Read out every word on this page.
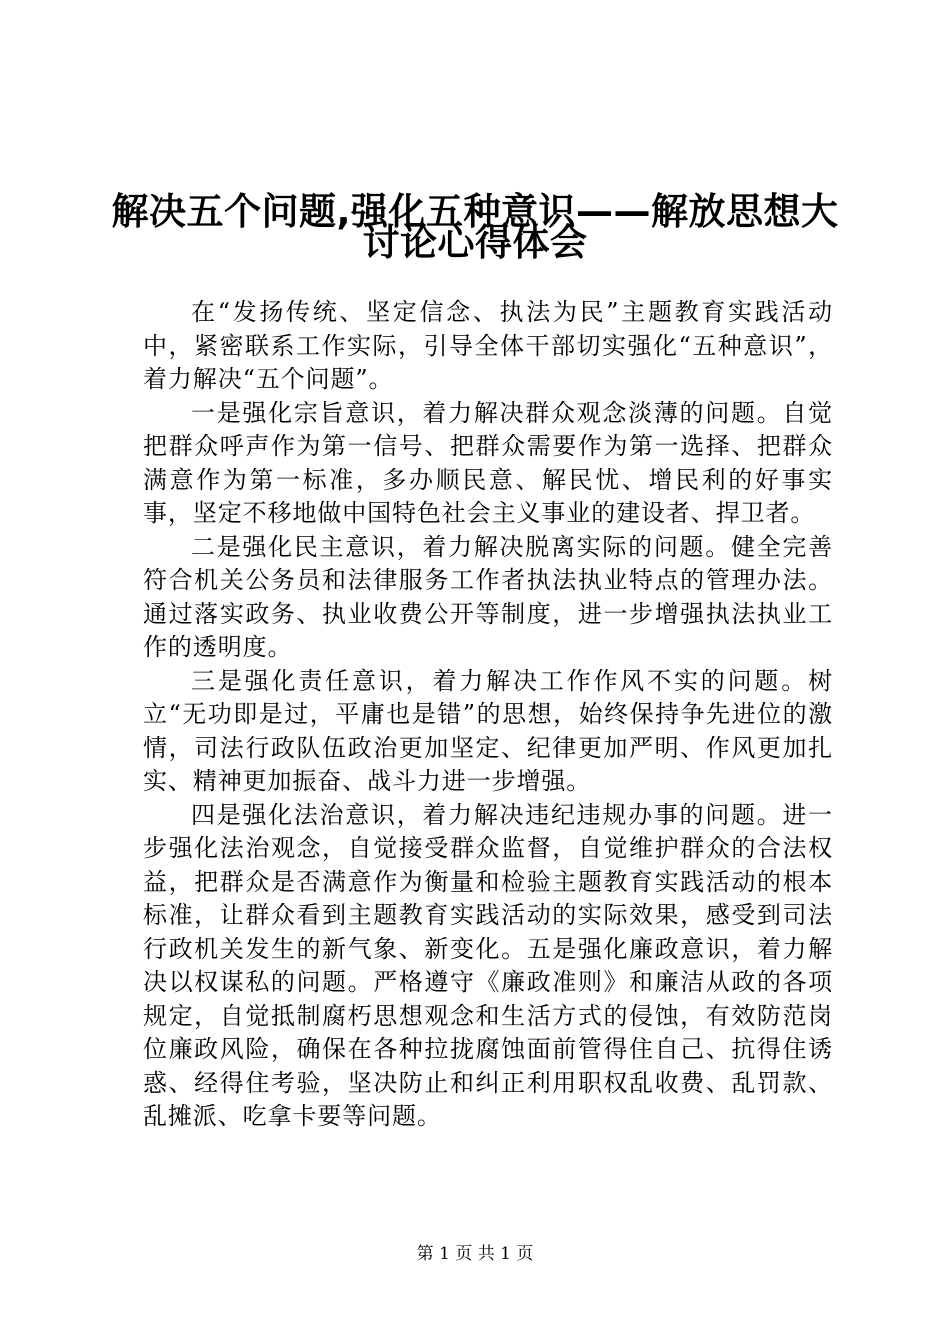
解决五个问题,强化五种意识——解放思想大
讨论心得体会

在“发扬传统、坚定信念、执法为民”主题教育实践活动中，紧密联系工作实际，引导全体干部切实强化“五种意识”，着力解决“五个问题”。

一是强化宗旨意识，着力解决群众观念淡薄的问题。自觉把群众呼声作为第一信号、把群众需要作为第一选择、把群众满意作为第一标准，多办顺民意、解民忧、增民利的好事实事，坚定不移地做中国特色社会主义事业的建设者、捍卫者。

二是强化民主意识，着力解决脱离实际的问题。健全完善符合机关公务员和法律服务工作者执法执业特点的管理办法。通过落实政务、执业收费公开等制度，进一步增强执法执业工作的透明度。

三是强化责任意识，着力解决工作作风不实的问题。树立“无功即是过，平庸也是错”的思想，始终保持争先进位的激情，司法行政队伍政治更加坚定、纪律更加严明、作风更加扎实、精神更加振奋、战斗力进一步增强。

四是强化法治意识，着力解决违纪违规办事的问题。进一步强化法治观念，自觉接受群众监督，自觉维护群众的合法权益，把群众是否满意作为衡量和检验主题教育实践活动的根本标准，让群众看到主题教育实践活动的实际效果，感受到司法行政机关发生的新气象、新变化。五是强化廉政意识，着力解决以权谋私的问题。严格遵守《廉政准则》和廉洁从政的各项规定，自觉抵制腐朽思想观念和生活方式的侵蚀，有效防范岗位廉政风险，确保在各种拉拢腐蚀面前管得住自己、抗得住诱惑、经得住考验，坚决防止和纠正利用职权乱收费、乱罚款、乱摊派、吃拿卡要等问题。

第 1 页 共 1 页
